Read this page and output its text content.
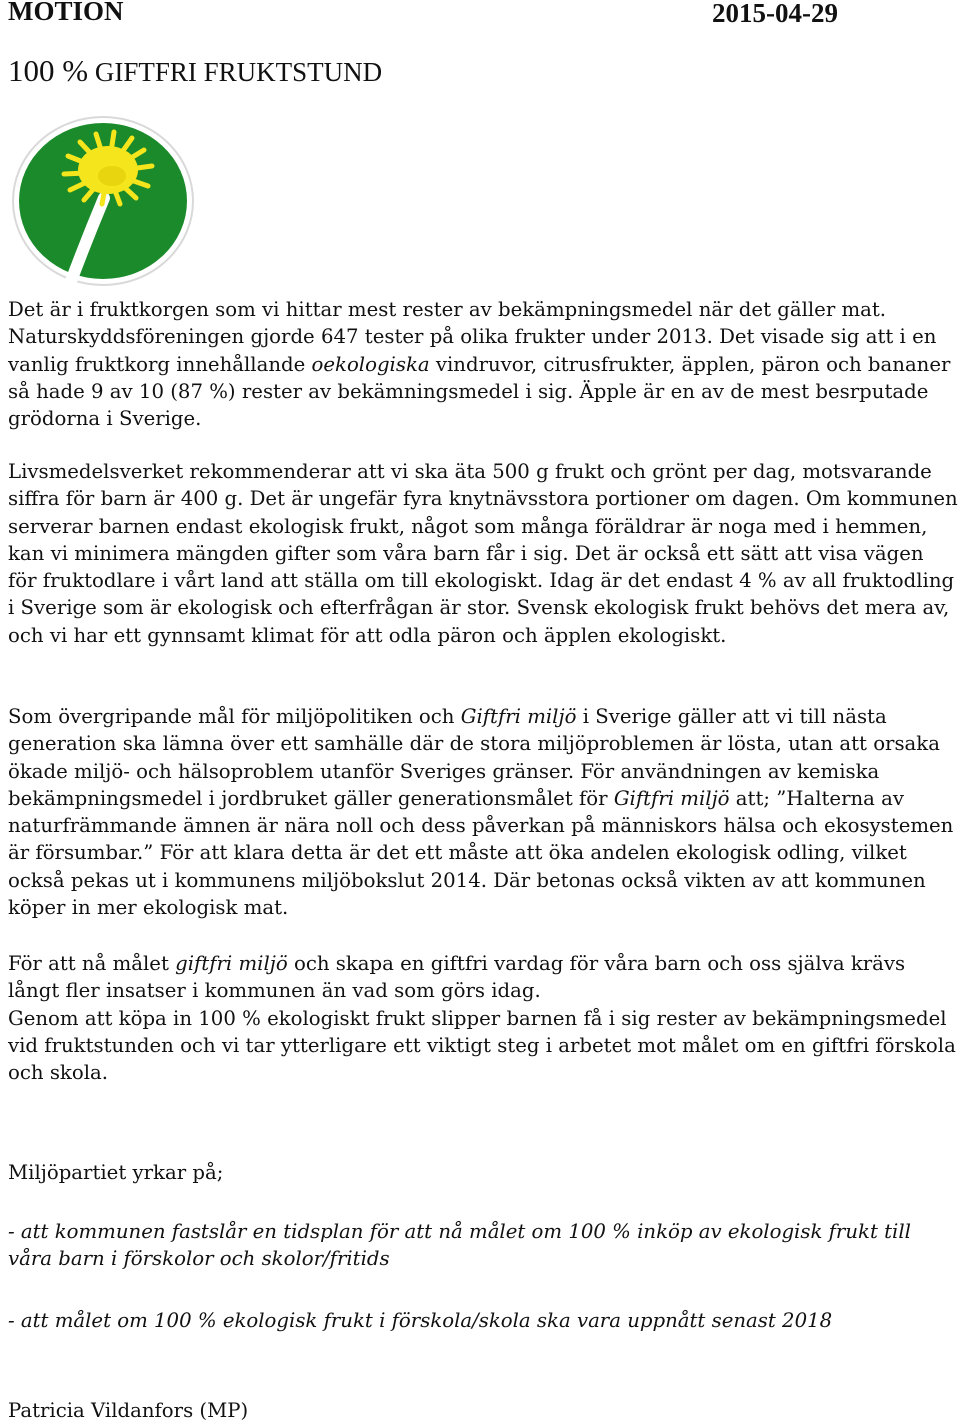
MOTION	2015-04-29
100 % GIFTFRI FRUKTSTUND

Det är i fruktkorgen som vi hittar mest rester av bekämpningsmedel när det gäller mat. Naturskyddsföreningen gjorde 647 tester på olika frukter under 2013. Det visade sig att i en vanlig fruktkorg innehållande oekologiska vindruvor, citrusfrukter, äpplen, päron och bananer så hade 9 av 10 (87 %) rester av bekämningsmedel i sig. Äpple är en av de mest besrputade grödorna i Sverige.

Livsmedelsverket rekommenderar att vi ska äta 500 g frukt och grönt per dag, motsvarande siffra för barn är 400 g. Det är ungefär fyra knytnävsstora portioner om dagen. Om kommunen serverar barnen endast ekologisk frukt, något som många föräldrar är noga med i hemmen, kan vi minimera mängden gifter som våra barn får i sig. Det är också ett sätt att visa vägen för fruktodlare i vårt land att ställa om till ekologiskt. Idag är det endast 4 % av all fruktodling i Sverige som är ekologisk och efterfrågan är stor. Svensk ekologisk frukt behövs det mera av, och vi har ett gynnsamt klimat för att odla päron och äpplen ekologiskt.

Som övergripande mål för miljöpolitiken och Giftfri miljö i Sverige gäller att vi till nästa generation ska lämna över ett samhälle där de stora miljöproblemen är lösta, utan att orsaka ökade miljö- och hälsoproblem utanför Sveriges gränser. För användningen av kemiska bekämpningsmedel i jordbruket gäller generationsmålet för Giftfri miljö att; ”Halterna av naturfrämmande ämnen är nära noll och dess påverkan på människors hälsa och ekosystemen är försumbar.” För att klara detta är det ett måste att öka andelen ekologisk odling, vilket också pekas ut i kommunens miljöbokslut 2014. Där betonas också vikten av att kommunen köper in mer ekologisk mat.

För att nå målet giftfri miljö och skapa en giftfri vardag för våra barn och oss själva krävs långt fler insatser i kommunen än vad som görs idag.

Genom att köpa in 100 % ekologiskt frukt slipper barnen få i sig rester av bekämpningsmedel vid fruktstunden och vi tar ytterligare ett viktigt steg i arbetet mot målet om en giftfri förskola och skola.

Miljöpartiet yrkar på;
- att kommunen fastslår en tidsplan för att nå målet om 100 % inköp av ekologisk frukt till våra barn i förskolor och skolor/fritids
- att målet om 100 % ekologisk frukt i förskola/skola ska vara uppnått senast 2018
Patricia Vildanfors (MP)
